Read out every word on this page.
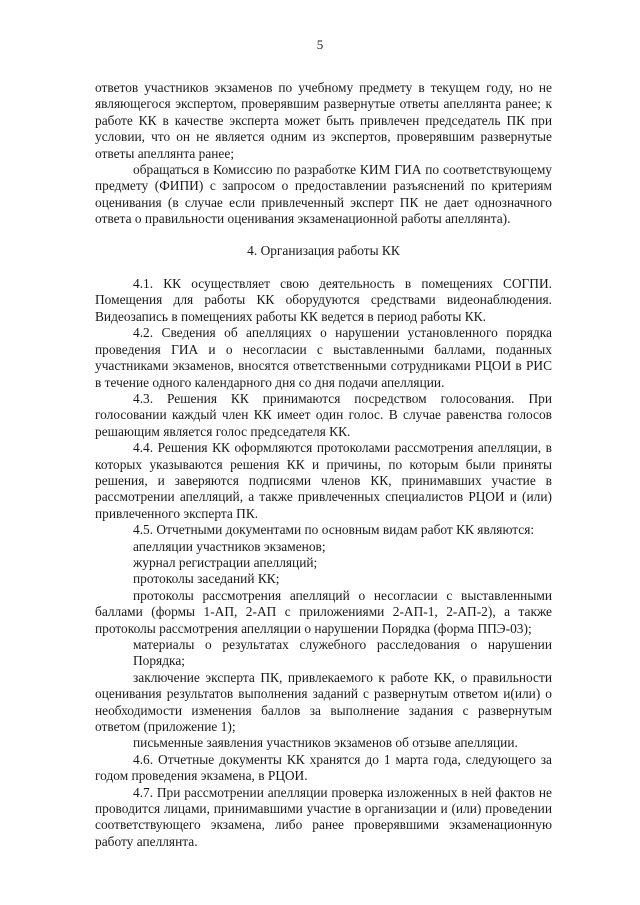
5

ответов участников экзаменов по учебному предмету в текущем году, но не являющегося экспертом, проверявшим развернутые ответы апеллянта ранее; к работе КК в качестве эксперта может быть привлечен председатель ПК при условии, что он не является одним из экспертов, проверявшим развернутые ответы апеллянта ранее;

обращаться в Комиссию по разработке КИМ ГИА по соответствующему предмету (ФИПИ) с запросом о предоставлении разъяснений по критериям оценивания (в случае если привлеченный эксперт ПК не дает однозначного ответа о правильности оценивания экзаменационной работы апеллянта).

4. Организация работы КК

4.1. КК осуществляет свою деятельность в помещениях СОГПИ. Помещения для работы КК оборудуются средствами видеонаблюдения. Видеозапись в помещениях работы КК ведется в период работы КК.

4.2. Сведения об апелляциях о нарушении установленного порядка проведения ГИА и о несогласии с выставленными баллами, поданных участниками экзаменов, вносятся ответственными сотрудниками РЦОИ в РИС в течение одного календарного дня со дня подачи апелляции.

4.3. Решения КК принимаются посредством голосования. При голосовании каждый член КК имеет один голос. В случае равенства голосов решающим является голос председателя КК.

4.4. Решения КК оформляются протоколами рассмотрения апелляции, в которых указываются решения КК и причины, по которым были приняты решения, и заверяются подписями членов КК, принимавших участие в рассмотрении апелляций, а также привлеченных специалистов РЦОИ и (или) привлеченного эксперта ПК.

4.5. Отчетными документами по основным видам работ КК являются:

апелляции участников экзаменов;

журнал регистрации апелляций;

протоколы заседаний КК;

протоколы рассмотрения апелляций о несогласии с выставленными баллами (формы 1-АП, 2-АП с приложениями 2-АП-1, 2-АП-2), а также протоколы рассмотрения апелляции о нарушении Порядка (форма ППЭ-03);

материалы о результатах служебного расследования о нарушении Порядка;

заключение эксперта ПК, привлекаемого к работе КК, о правильности оценивания результатов выполнения заданий с развернутым ответом и(или) о необходимости изменения баллов за выполнение задания с развернутым ответом (приложение 1);

письменные заявления участников экзаменов об отзыве апелляции.

4.6. Отчетные документы КК хранятся до 1 марта года, следующего за годом проведения экзамена, в РЦОИ.

4.7. При рассмотрении апелляции проверка изложенных в ней фактов не проводится лицами, принимавшими участие в организации и (или) проведении соответствующего экзамена, либо ранее проверявшими экзаменационную работу апеллянта.
